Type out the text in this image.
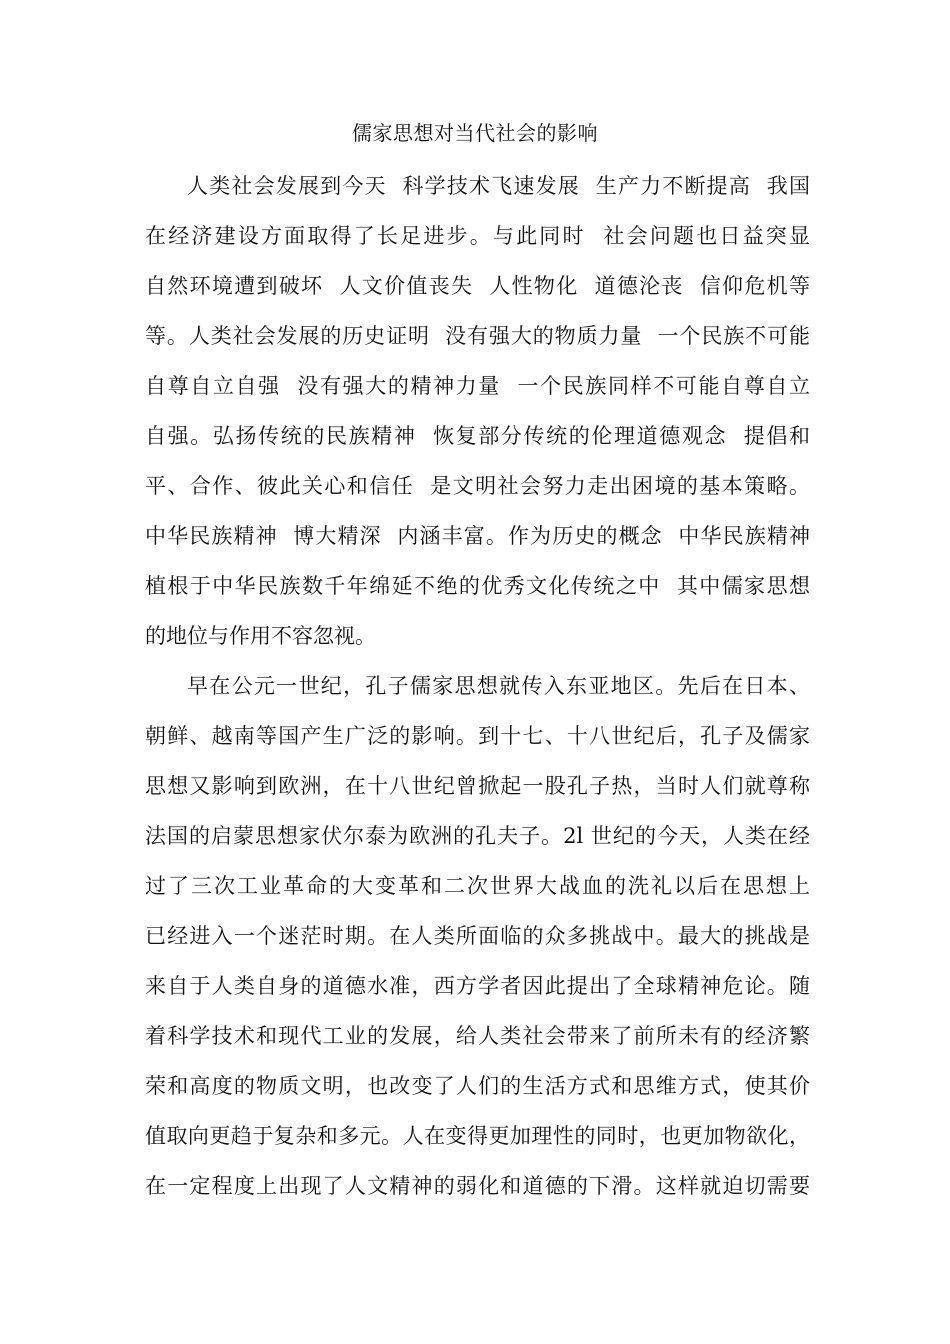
儒家思想对当代社会的影响
人类社会发展到今天  科学技术飞速发展  生产力不断提高  我国
在经济建设方面取得了长足进步。与此同时  社会问题也日益突显
自然环境遭到破坏  人文价值丧失  人性物化  道德沦丧  信仰危机等
等。人类社会发展的历史证明  没有强大的物质力量  一个民族不可能
自尊自立自强  没有强大的精神力量  一个民族同样不可能自尊自立
自强。弘扬传统的民族精神  恢复部分传统的伦理道德观念  提倡和
平、合作、彼此关心和信任  是文明社会努力走出困境的基本策略。
中华民族精神  博大精深  内涵丰富。作为历史的概念  中华民族精神
植根于中华民族数千年绵延不绝的优秀文化传统之中  其中儒家思想
的地位与作用不容忽视。
早在公元一世纪，孔子儒家思想就传入东亚地区。先后在日本、
朝鲜、越南等国产生广泛的影响。到十七、十八世纪后，孔子及儒家
思想又影响到欧洲，在十八世纪曾掀起一股孔子热，当时人们就尊称
法国的启蒙思想家伏尔泰为欧洲的孔夫子。2l 世纪的今天，人类在经
过了三次工业革命的大变革和二次世界大战血的洗礼以后在思想上
已经进入一个迷茫时期。在人类所面临的众多挑战中。最大的挑战是
来自于人类自身的道德水准，西方学者因此提出了全球精神危论。随
着科学技术和现代工业的发展，给人类社会带来了前所未有的经济繁
荣和高度的物质文明，也改变了人们的生活方式和思维方式，使其价
值取向更趋于复杂和多元。人在变得更加理性的同时，也更加物欲化，
在一定程度上出现了人文精神的弱化和道德的下滑。这样就迫切需要
